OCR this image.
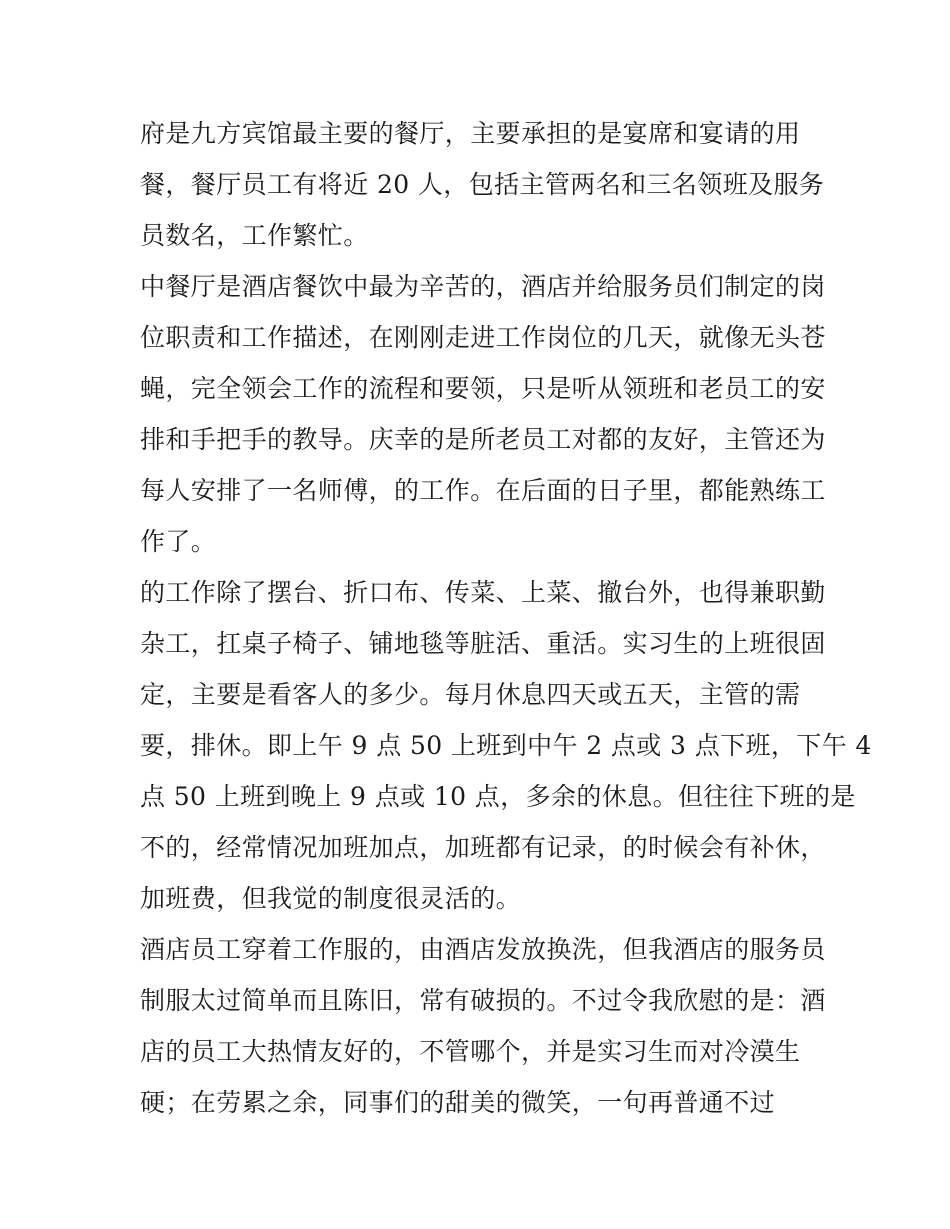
府是九方宾馆最主要的餐厅，主要承担的是宴席和宴请的用
餐，餐厅员工有将近 20 人，包括主管两名和三名领班及服务
员数名，工作繁忙。
中餐厅是酒店餐饮中最为辛苦的，酒店并给服务员们制定的岗
位职责和工作描述，在刚刚走进工作岗位的几天，就像无头苍
蝇，完全领会工作的流程和要领，只是听从领班和老员工的安
排和手把手的教导。庆幸的是所老员工对都的友好，主管还为
每人安排了一名师傅，的工作。在后面的日子里，都能熟练工
作了。
的工作除了摆台、折口布、传菜、上菜、撤台外，也得兼职勤
杂工，扛桌子椅子、铺地毯等脏活、重活。实习生的上班很固
定，主要是看客人的多少。每月休息四天或五天，主管的需
要，排休。即上午 9 点 50 上班到中午 2 点或 3 点下班，下午 4
点 50 上班到晚上 9 点或 10 点，多余的休息。但往往下班的是
不的，经常情况加班加点，加班都有记录，的时候会有补休，
加班费，但我觉的制度很灵活的。
酒店员工穿着工作服的，由酒店发放换洗，但我酒店的服务员
制服太过简单而且陈旧，常有破损的。不过令我欣慰的是：酒
店的员工大热情友好的，不管哪个，并是实习生而对冷漠生
硬；在劳累之余，同事们的甜美的微笑，一句再普通不过
